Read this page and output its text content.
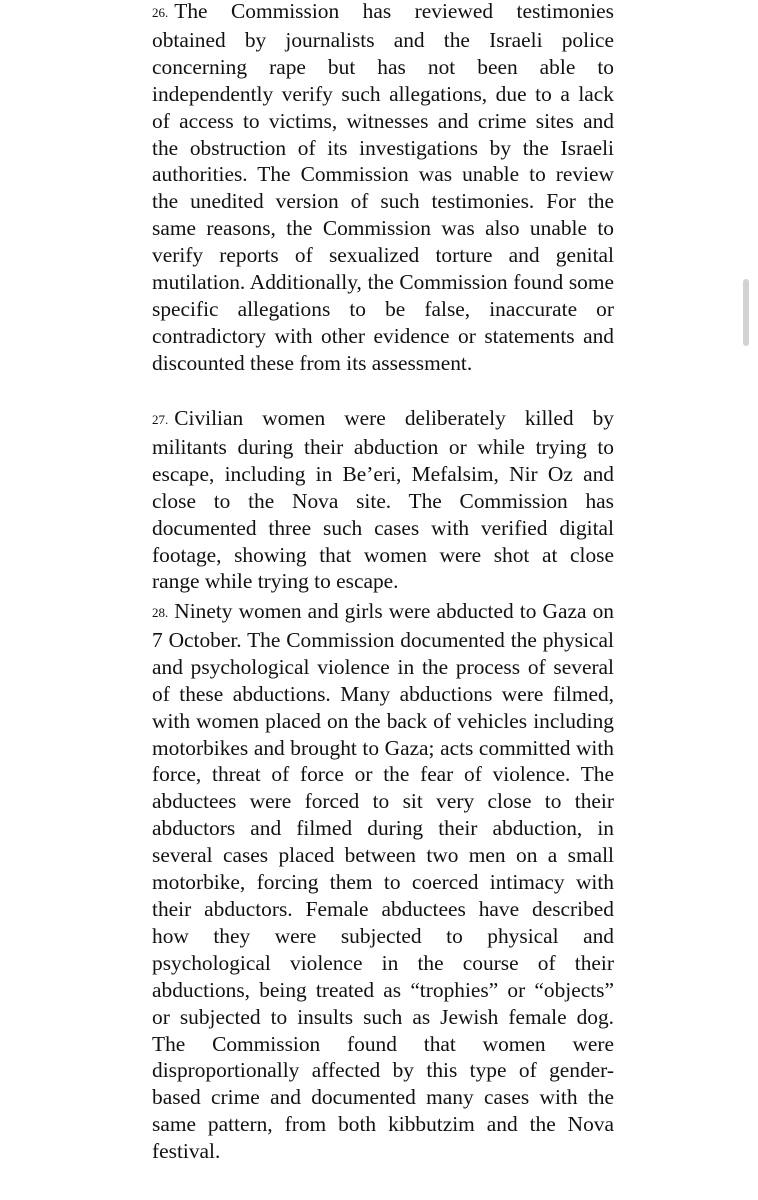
26. The Commission has reviewed testimonies obtained by journalists and the Israeli police concerning rape but has not been able to independently verify such allegations, due to a lack of access to victims, witnesses and crime sites and the obstruction of its investigations by the Israeli authorities. The Commission was unable to review the unedited version of such testimonies. For the same reasons, the Commission was also unable to verify reports of sexualized torture and genital mutilation. Additionally, the Commission found some specific allegations to be false, inaccurate or contradictory with other evidence or statements and discounted these from its assessment.

27. Civilian women were deliberately killed by militants during their abduction or while trying to escape, including in Be’eri, Mefalsim, Nir Oz and close to the Nova site. The Commission has documented three such cases with verified digital footage, showing that women were shot at close range while trying to escape.

28. Ninety women and girls were abducted to Gaza on 7 October. The Commission documented the physical and psychological violence in the process of several of these abductions. Many abductions were filmed, with women placed on the back of vehicles including motorbikes and brought to Gaza; acts committed with force, threat of force or the fear of violence. The abductees were forced to sit very close to their abductors and filmed during their abduction, in several cases placed between two men on a small motorbike, forcing them to coerced intimacy with their abductors. Female abductees have described how they were subjected to physical and psychological violence in the course of their abductions, being treated as “trophies” or “objects” or subjected to insults such as Jewish female dog. The Commission found that women were disproportionally affected by this type of gender-based crime and documented many cases with the same pattern, from both kibbutzim and the Nova festival.
